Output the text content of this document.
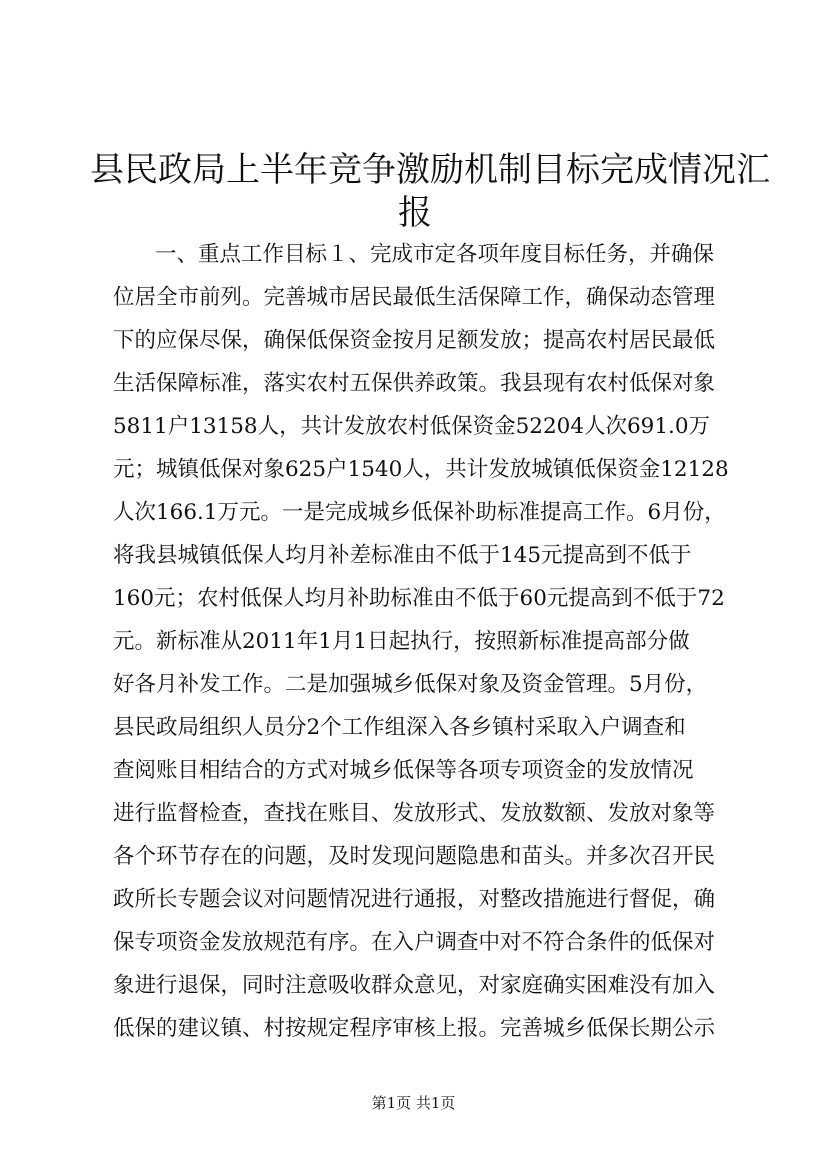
县民政局上半年竞争激励机制目标完成情况汇
报
一、重点工作目标１、完成市定各项年度目标任务，并确保
位居全市前列。完善城市居民最低生活保障工作，确保动态管理
下的应保尽保，确保低保资金按月足额发放；提高农村居民最低
生活保障标准，落实农村五保供养政策。我县现有农村低保对象
5811户13158人，共计发放农村低保资金52204人次691.0万
元；城镇低保对象625户1540人，共计发放城镇低保资金12128
人次166.1万元。一是完成城乡低保补助标准提高工作。6月份，
将我县城镇低保人均月补差标准由不低于145元提高到不低于
160元；农村低保人均月补助标准由不低于60元提高到不低于72
元。新标准从2011年1月1日起执行，按照新标准提高部分做
好各月补发工作。二是加强城乡低保对象及资金管理。5月份，
县民政局组织人员分2个工作组深入各乡镇村采取入户调查和
查阅账目相结合的方式对城乡低保等各项专项资金的发放情况
进行监督检查，查找在账目、发放形式、发放数额、发放对象等
各个环节存在的问题，及时发现问题隐患和苗头。并多次召开民
政所长专题会议对问题情况进行通报，对整改措施进行督促，确
保专项资金发放规范有序。在入户调查中对不符合条件的低保对
象进行退保，同时注意吸收群众意见，对家庭确实困难没有加入
低保的建议镇、村按规定程序审核上报。完善城乡低保长期公示
第1页 共1页
